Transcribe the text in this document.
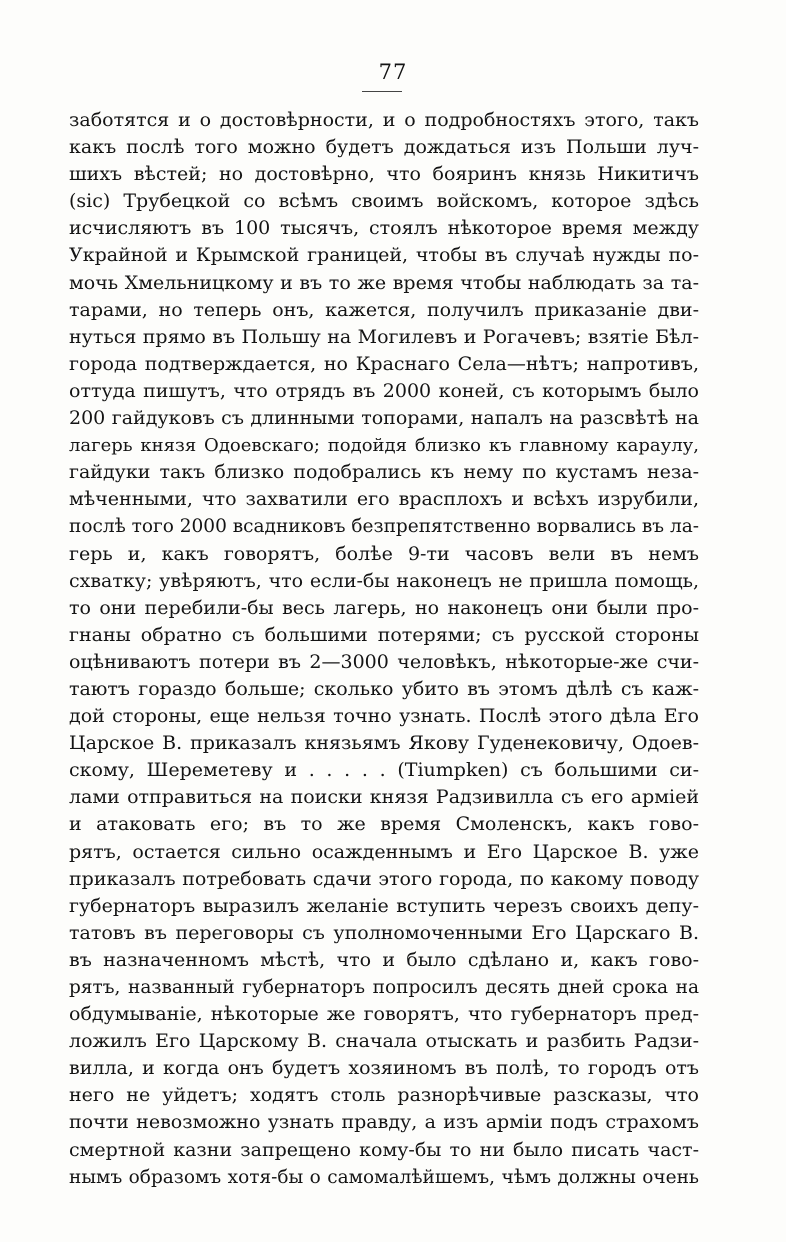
77
заботятся и о достовѣрности, и о подробностяхъ этого, такъ
какъ послѣ того можно будетъ дождаться изъ Польши луч-
шихъ вѣстей; но достовѣрно, что бояринъ князь Никитичъ
(sic) Трубецкой со всѣмъ своимъ войскомъ, которое здѣсь
исчисляютъ въ 100 тысячъ, стоялъ нѣкоторое время между
Украйной и Крымской границей, чтобы въ случаѣ нужды по-
мочь Хмельницкому и въ то же время чтобы наблюдать за та-
тарами, но теперь онъ, кажется, получилъ приказаніе дви-
нуться прямо въ Польшу на Могилевъ и Рогачевъ; взятіе Бѣл-
города подтверждается, но Краснаго Села—нѣтъ; напротивъ,
оттуда пишутъ, что отрядъ въ 2000 коней, съ которымъ было
200 гайдуковъ съ длинными топорами, напалъ на разсвѣтѣ на
лагерь князя Одоевскаго; подойдя близко къ главному караулу,
гайдуки такъ близко подобрались къ нему по кустамъ неза-
мѣченными, что захватили его врасплохъ и всѣхъ изрубили,
послѣ того 2000 всадниковъ безпрепятственно ворвались въ ла-
герь и, какъ говорятъ, болѣе 9-ти часовъ вели въ немъ
схватку; увѣряютъ, что если-бы наконецъ не пришла помощь,
то они перебили-бы весь лагерь, но наконецъ они были про-
гнаны обратно съ большими потерями; съ русской стороны
оцѣниваютъ потери въ 2—3000 человѣкъ, нѣкоторые-же счи-
таютъ гораздо больше; сколько убито въ этомъ дѣлѣ съ каж-
дой стороны, еще нельзя точно узнать. Послѣ этого дѣла Его
Царское В. приказалъ князьямъ Якову Гуденековичу, Одоев-
скому, Шереметеву и . . . . . (Tiumpken) съ большими си-
лами отправиться на поиски князя Радзивилла съ его арміей
и атаковать его; въ то же время Смоленскъ, какъ гово-
рятъ, остается сильно осажденнымъ и Его Царское В. уже
приказалъ потребовать сдачи этого города, по какому поводу
губернаторъ выразилъ желаніе вступить черезъ своихъ депу-
татовъ въ переговоры съ уполномоченными Его Царскаго В.
въ назначенномъ мѣстѣ, что и было сдѣлано и, какъ гово-
рятъ, названный губернаторъ попросилъ десять дней срока на
обдумываніе, нѣкоторые же говорятъ, что губернаторъ пред-
ложилъ Его Царскому В. сначала отыскать и разбить Радзи-
вилла, и когда онъ будетъ хозяиномъ въ полѣ, то городъ отъ
него не уйдетъ; ходятъ столь разнорѣчивые разсказы, что
почти невозможно узнать правду, а изъ арміи подъ страхомъ
смертной казни запрещено кому-бы то ни было писать част-
нымъ образомъ хотя-бы о самомалѣйшемъ, чѣмъ должны очень
